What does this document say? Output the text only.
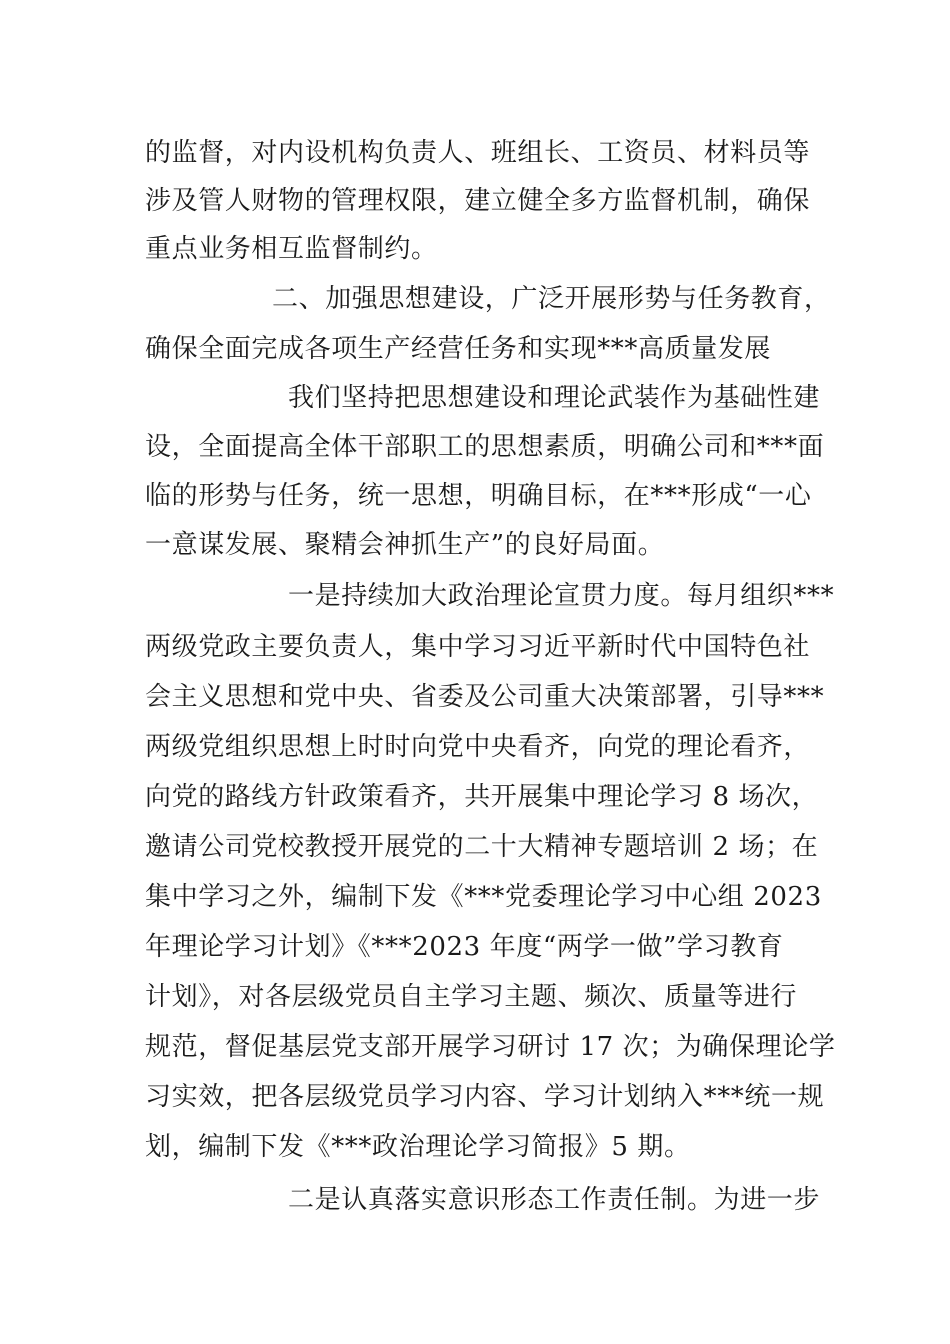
的监督，对内设机构负责人、班组长、工资员、材料员等
涉及管人财物的管理权限，建立健全多方监督机制，确保
重点业务相互监督制约。
二、加强思想建设，广泛开展形势与任务教育，
确保全面完成各项生产经营任务和实现***高质量发展
我们坚持把思想建设和理论武装作为基础性建
设，全面提高全体干部职工的思想素质，明确公司和***面
临的形势与任务，统一思想，明确目标，在***形成“一心
一意谋发展、聚精会神抓生产”的良好局面。
一是持续加大政治理论宣贯力度。每月组织***
两级党政主要负责人，集中学习习近平新时代中国特色社
会主义思想和党中央、省委及公司重大决策部署，引导***
两级党组织思想上时时向党中央看齐，向党的理论看齐，
向党的路线方针政策看齐，共开展集中理论学习 8 场次，
邀请公司党校教授开展党的二十大精神专题培训 2 场；在
集中学习之外，编制下发《***党委理论学习中心组 2023
年理论学习计划》《***2023 年度“两学一做”学习教育
计划》，对各层级党员自主学习主题、频次、质量等进行
规范，督促基层党支部开展学习研讨 17 次；为确保理论学
习实效，把各层级党员学习内容、学习计划纳入***统一规
划，编制下发《***政治理论学习简报》5 期。
二是认真落实意识形态工作责任制。为进一步
